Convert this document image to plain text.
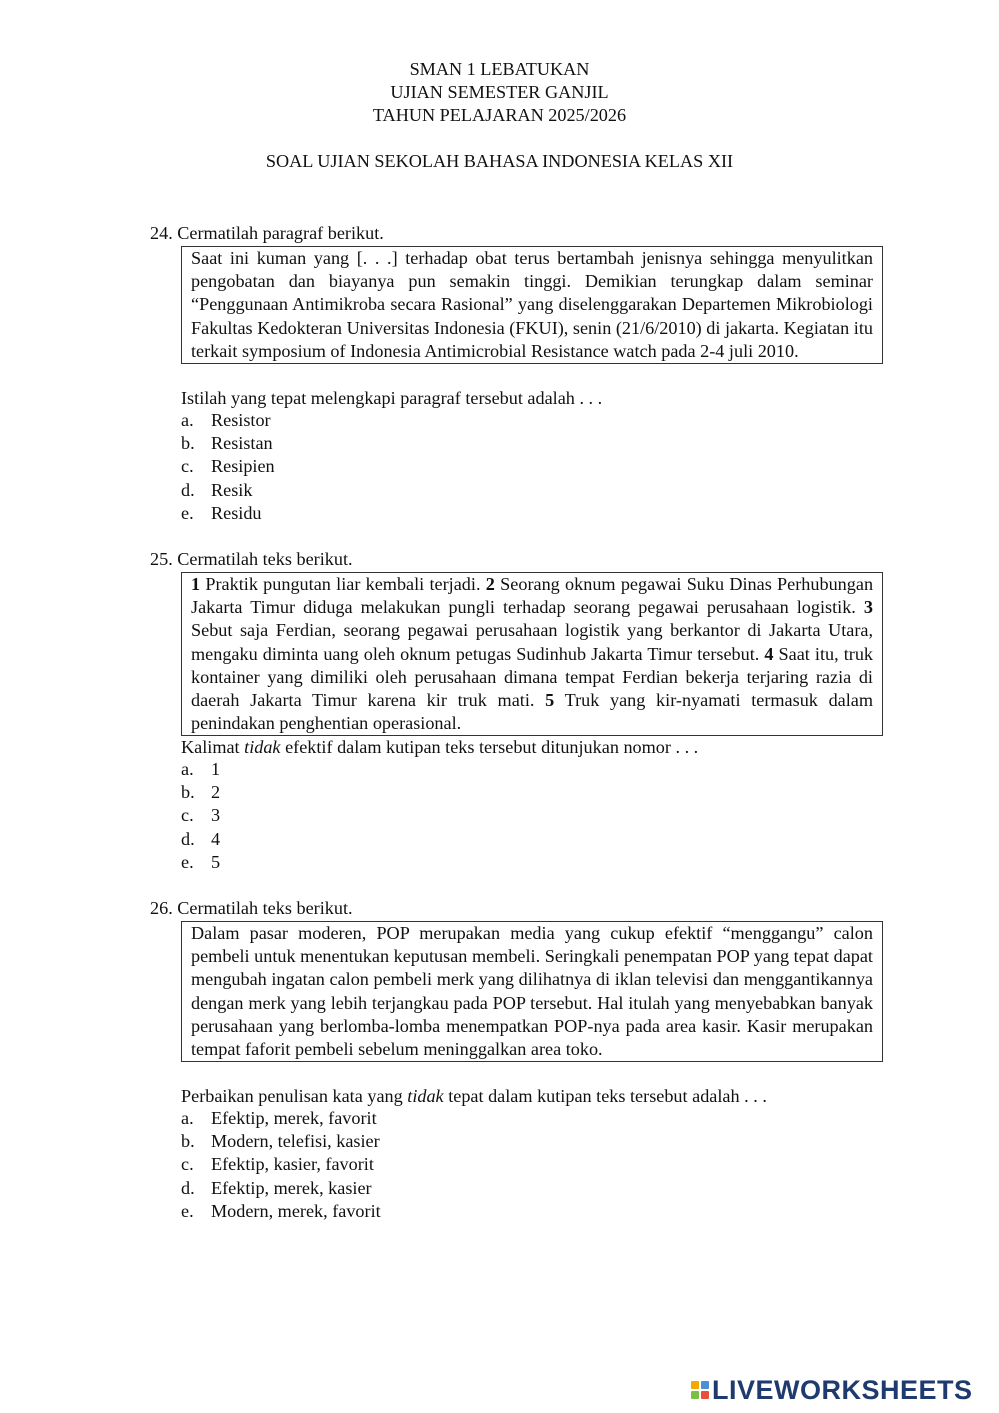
SMAN 1 LEBATUKAN
UJIAN SEMESTER GANJIL
TAHUN PELAJARAN 2025/2026
SOAL UJIAN SEKOLAH BAHASA INDONESIA KELAS XII
24. Cermatilah paragraf berikut.
Saat ini kuman yang [. . .] terhadap obat terus bertambah jenisnya sehingga menyulitkan pengobatan dan biayanya pun semakin tinggi. Demikian terungkap dalam seminar “Penggunaan Antimikroba secara Rasional” yang diselenggarakan Departemen Mikrobiologi Fakultas Kedokteran Universitas Indonesia (FKUI), senin (21/6/2010) di jakarta. Kegiatan itu terkait symposium of Indonesia Antimicrobial Resistance watch pada 2-4 juli 2010.
Istilah yang tepat melengkapi paragraf tersebut adalah . . .
a. Resistor
b. Resistan
c. Resipien
d. Resik
e. Residu
25. Cermatilah teks berikut.
1 Praktik pungutan liar kembali terjadi. 2 Seorang oknum pegawai Suku Dinas Perhubungan Jakarta Timur diduga melakukan pungli terhadap seorang pegawai perusahaan logistik. 3 Sebut saja Ferdian, seorang pegawai perusahaan logistik yang berkantor di Jakarta Utara, mengaku diminta uang oleh oknum petugas Sudinhub Jakarta Timur tersebut. 4 Saat itu, truk kontainer yang dimiliki oleh perusahaan dimana tempat Ferdian bekerja terjaring razia di daerah Jakarta Timur karena kir truk mati. 5 Truk yang kir-nyamati termasuk dalam penindakan penghentian operasional.
Kalimat tidak efektif dalam kutipan teks tersebut ditunjukan nomor . . .
a. 1
b. 2
c. 3
d. 4
e. 5
26. Cermatilah teks berikut.
Dalam pasar moderen, POP merupakan media yang cukup efektif “menggangu” calon pembeli untuk menentukan keputusan membeli. Seringkali penempatan POP yang tepat dapat mengubah ingatan calon pembeli merk yang dilihatnya di iklan televisi dan menggantikannya dengan merk yang lebih terjangkau pada POP tersebut. Hal itulah yang menyebabkan banyak perusahaan yang berlomba-lomba menempatkan POP-nya pada area kasir. Kasir merupakan tempat faforit pembeli sebelum meninggalkan area toko.
Perbaikan penulisan kata yang tidak tepat dalam kutipan teks tersebut adalah . . .
a. Efektip, merek, favorit
b. Modern, telefisi, kasier
c. Efektip, kasier, favorit
d. Efektip, merek, kasier
e. Modern, merek, favorit
LIVEWORKSHEETS
